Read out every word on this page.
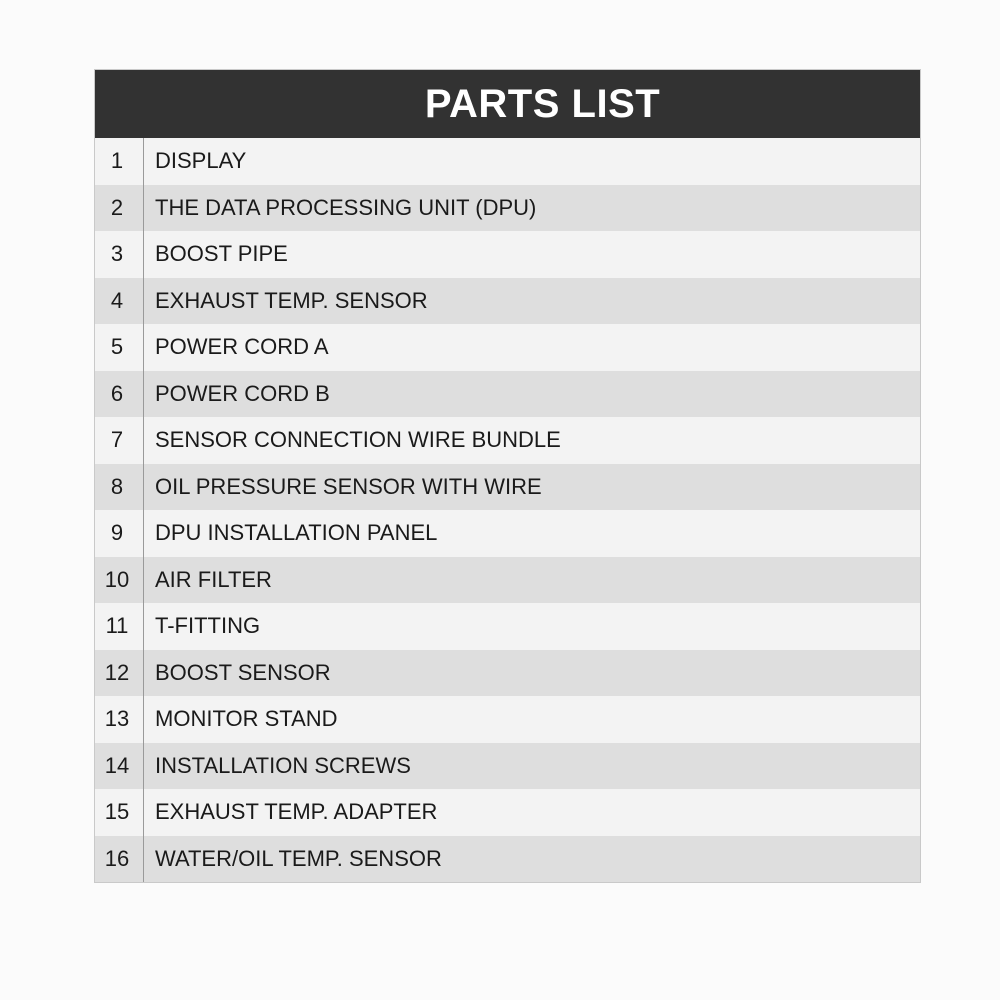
PARTS LIST
1	DISPLAY
2	THE DATA PROCESSING UNIT (DPU)
3	BOOST PIPE
4	EXHAUST TEMP. SENSOR
5	POWER CORD A
6	POWER CORD B
7	SENSOR CONNECTION WIRE BUNDLE
8	OIL PRESSURE SENSOR WITH WIRE
9	DPU INSTALLATION PANEL
10	AIR FILTER
11	T-FITTING
12	BOOST SENSOR
13	MONITOR STAND
14	INSTALLATION SCREWS
15	EXHAUST TEMP. ADAPTER
16	WATER/OIL TEMP. SENSOR
